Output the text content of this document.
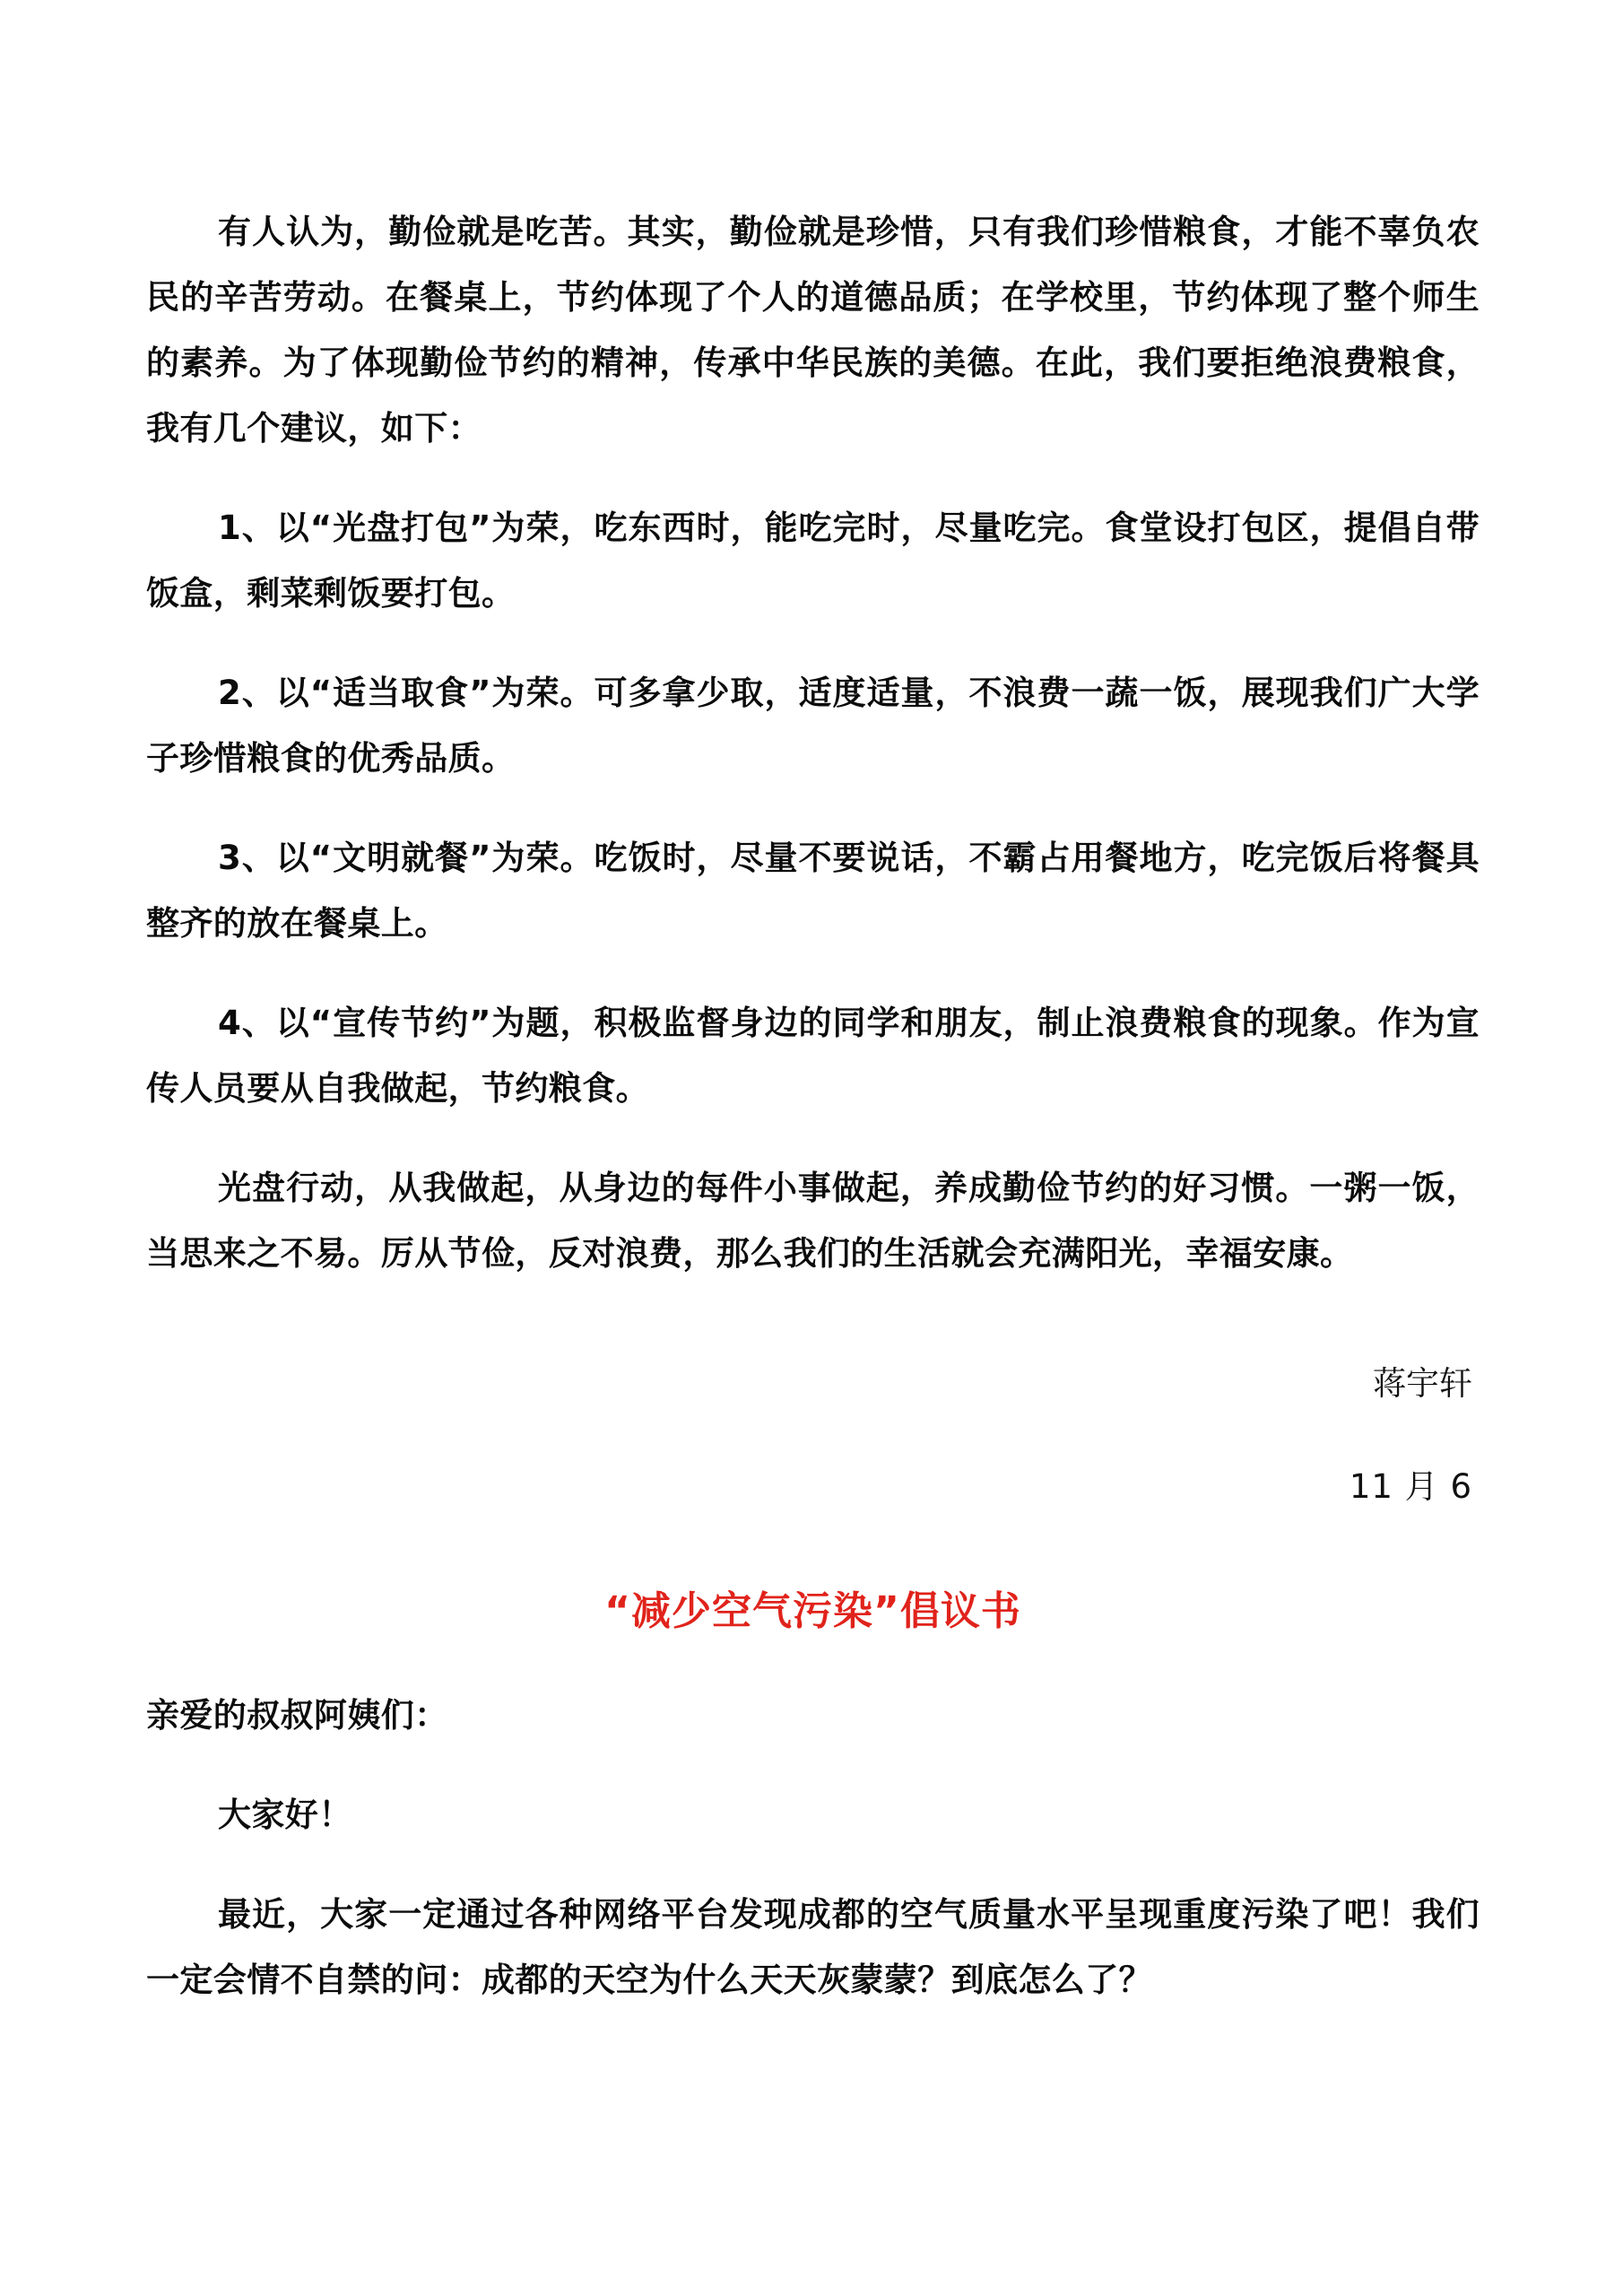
有人认为，勤俭就是吃苦。其实，勤俭就是珍惜，只有我们珍惜粮食，才能不辜负农民的辛苦劳动。在餐桌上，节约体现了个人的道德品质；在学校里，节约体现了整个师生的素养。为了体现勤俭节约的精神，传承中华民族的美德。在此，我们要拒绝浪费粮食，我有几个建议，如下：

1、以“光盘打包”为荣，吃东西时，能吃完时，尽量吃完。食堂设打包区，提倡自带饭盒，剩菜剩饭要打包。

2、以“适当取食”为荣。可多拿少取，适度适量，不浪费一蔬一饭，展现我们广大学子珍惜粮食的优秀品质。

3、以“文明就餐”为荣。吃饭时，尽量不要说话，不霸占用餐地方，吃完饭后将餐具整齐的放在餐桌上。

4、以“宣传节约”为题，积极监督身边的同学和朋友，制止浪费粮食的现象。作为宣传人员要从自我做起，节约粮食。

光盘行动，从我做起，从身边的每件小事做起，养成勤俭节约的好习惯。一粥一饭，当思来之不易。厉从节俭，反对浪费，那么我们的生活就会充满阳光，幸福安康。

蒋宇轩
11 月 6
“减少空气污染”倡议书

亲爱的叔叔阿姨们：

大家好！

最近，大家一定通过各种网络平台发现成都的空气质量水平呈现重度污染了吧！我们一定会情不自禁的问：成都的天空为什么天天灰蒙蒙？到底怎么了？
